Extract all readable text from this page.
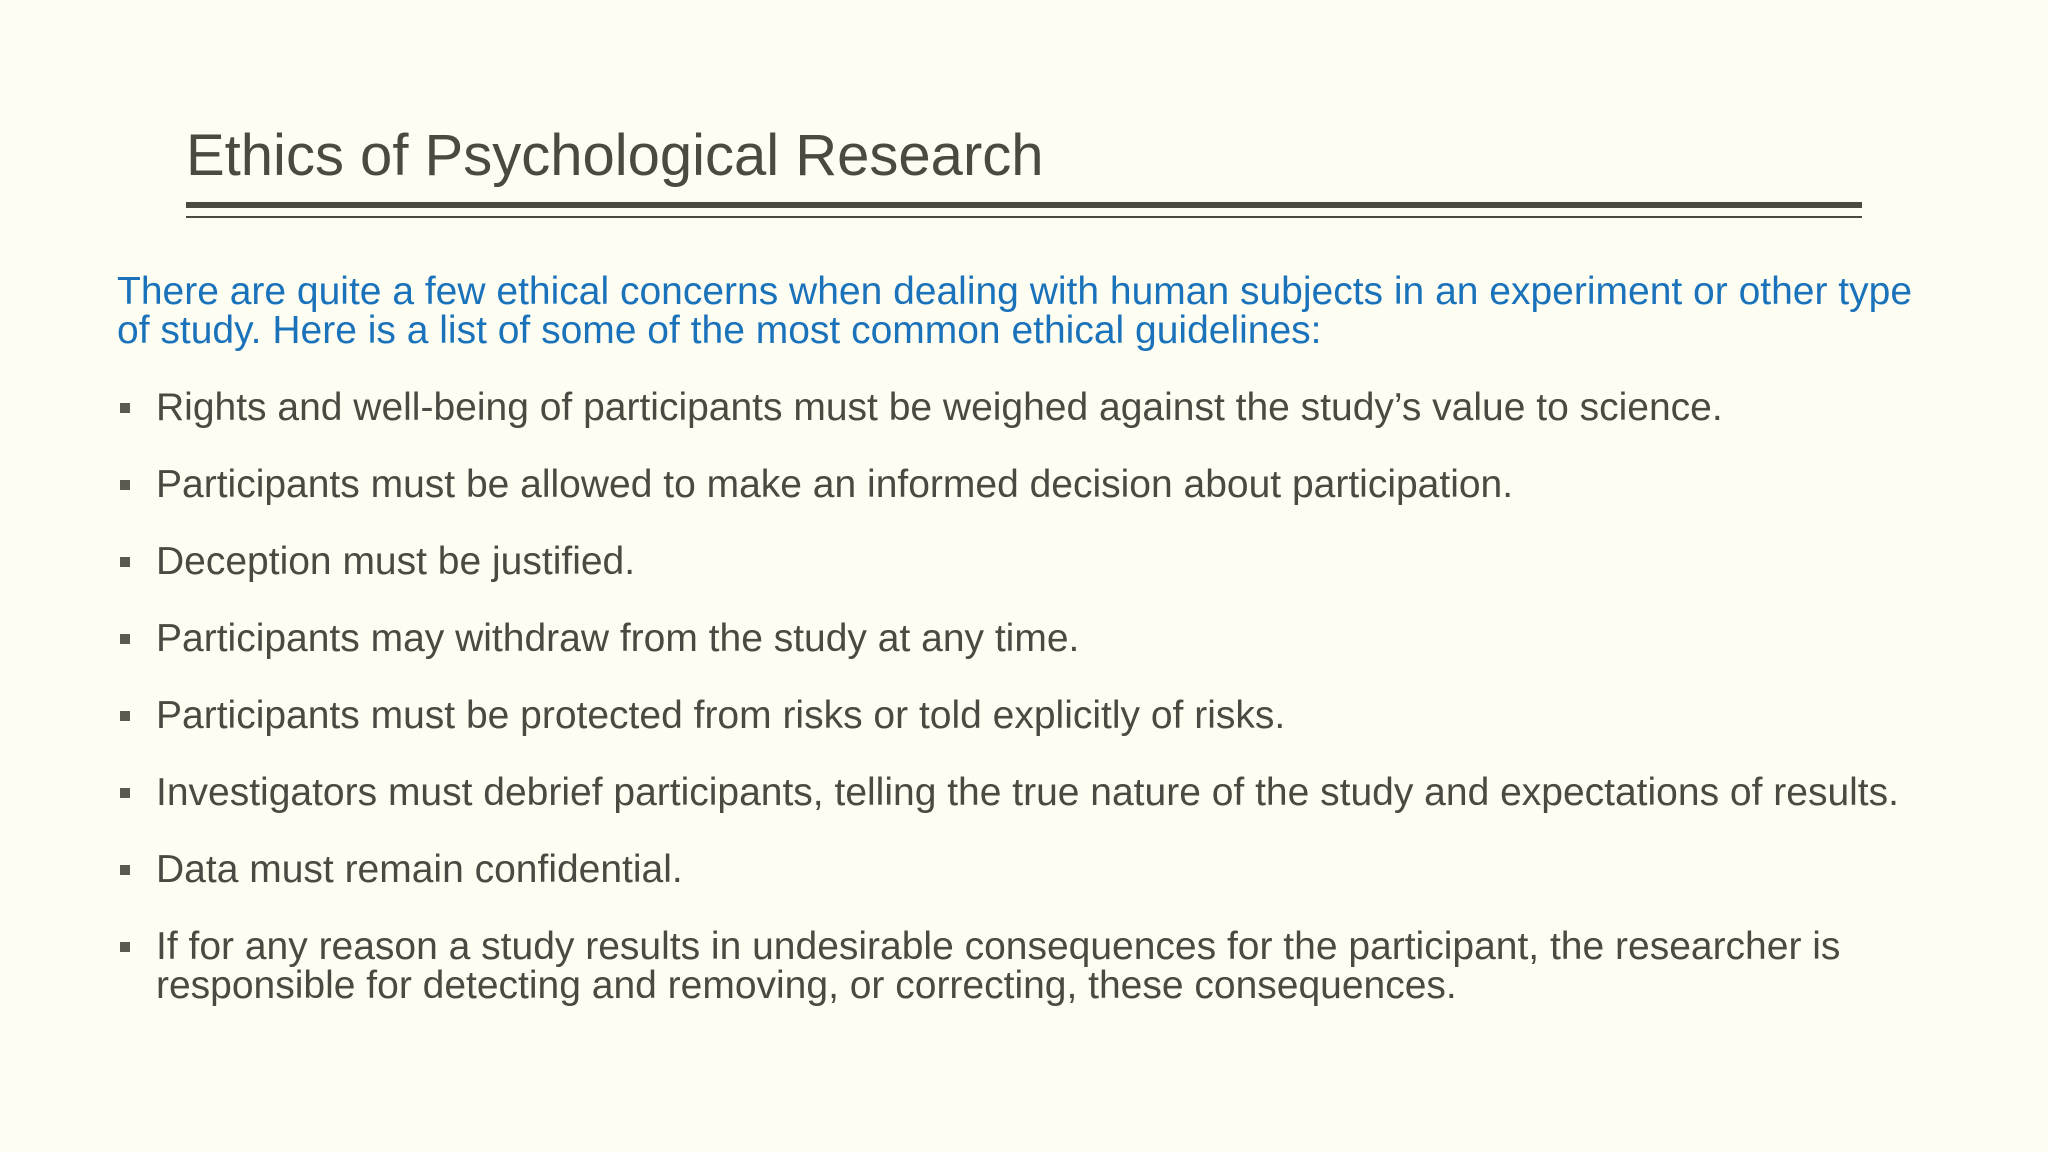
Ethics of Psychological Research
There are quite a few ethical concerns when dealing with human subjects in an experiment or other type of study. Here is a list of some of the most common ethical guidelines:
Rights and well-being of participants must be weighed against the study’s value to science.
Participants must be allowed to make an informed decision about participation.
Deception must be justified.
Participants may withdraw from the study at any time.
Participants must be protected from risks or told explicitly of risks.
Investigators must debrief participants, telling the true nature of the study and expectations of results.
Data must remain confidential.
If for any reason a study results in undesirable consequences for the participant, the researcher is responsible for detecting and removing, or correcting, these consequences.
